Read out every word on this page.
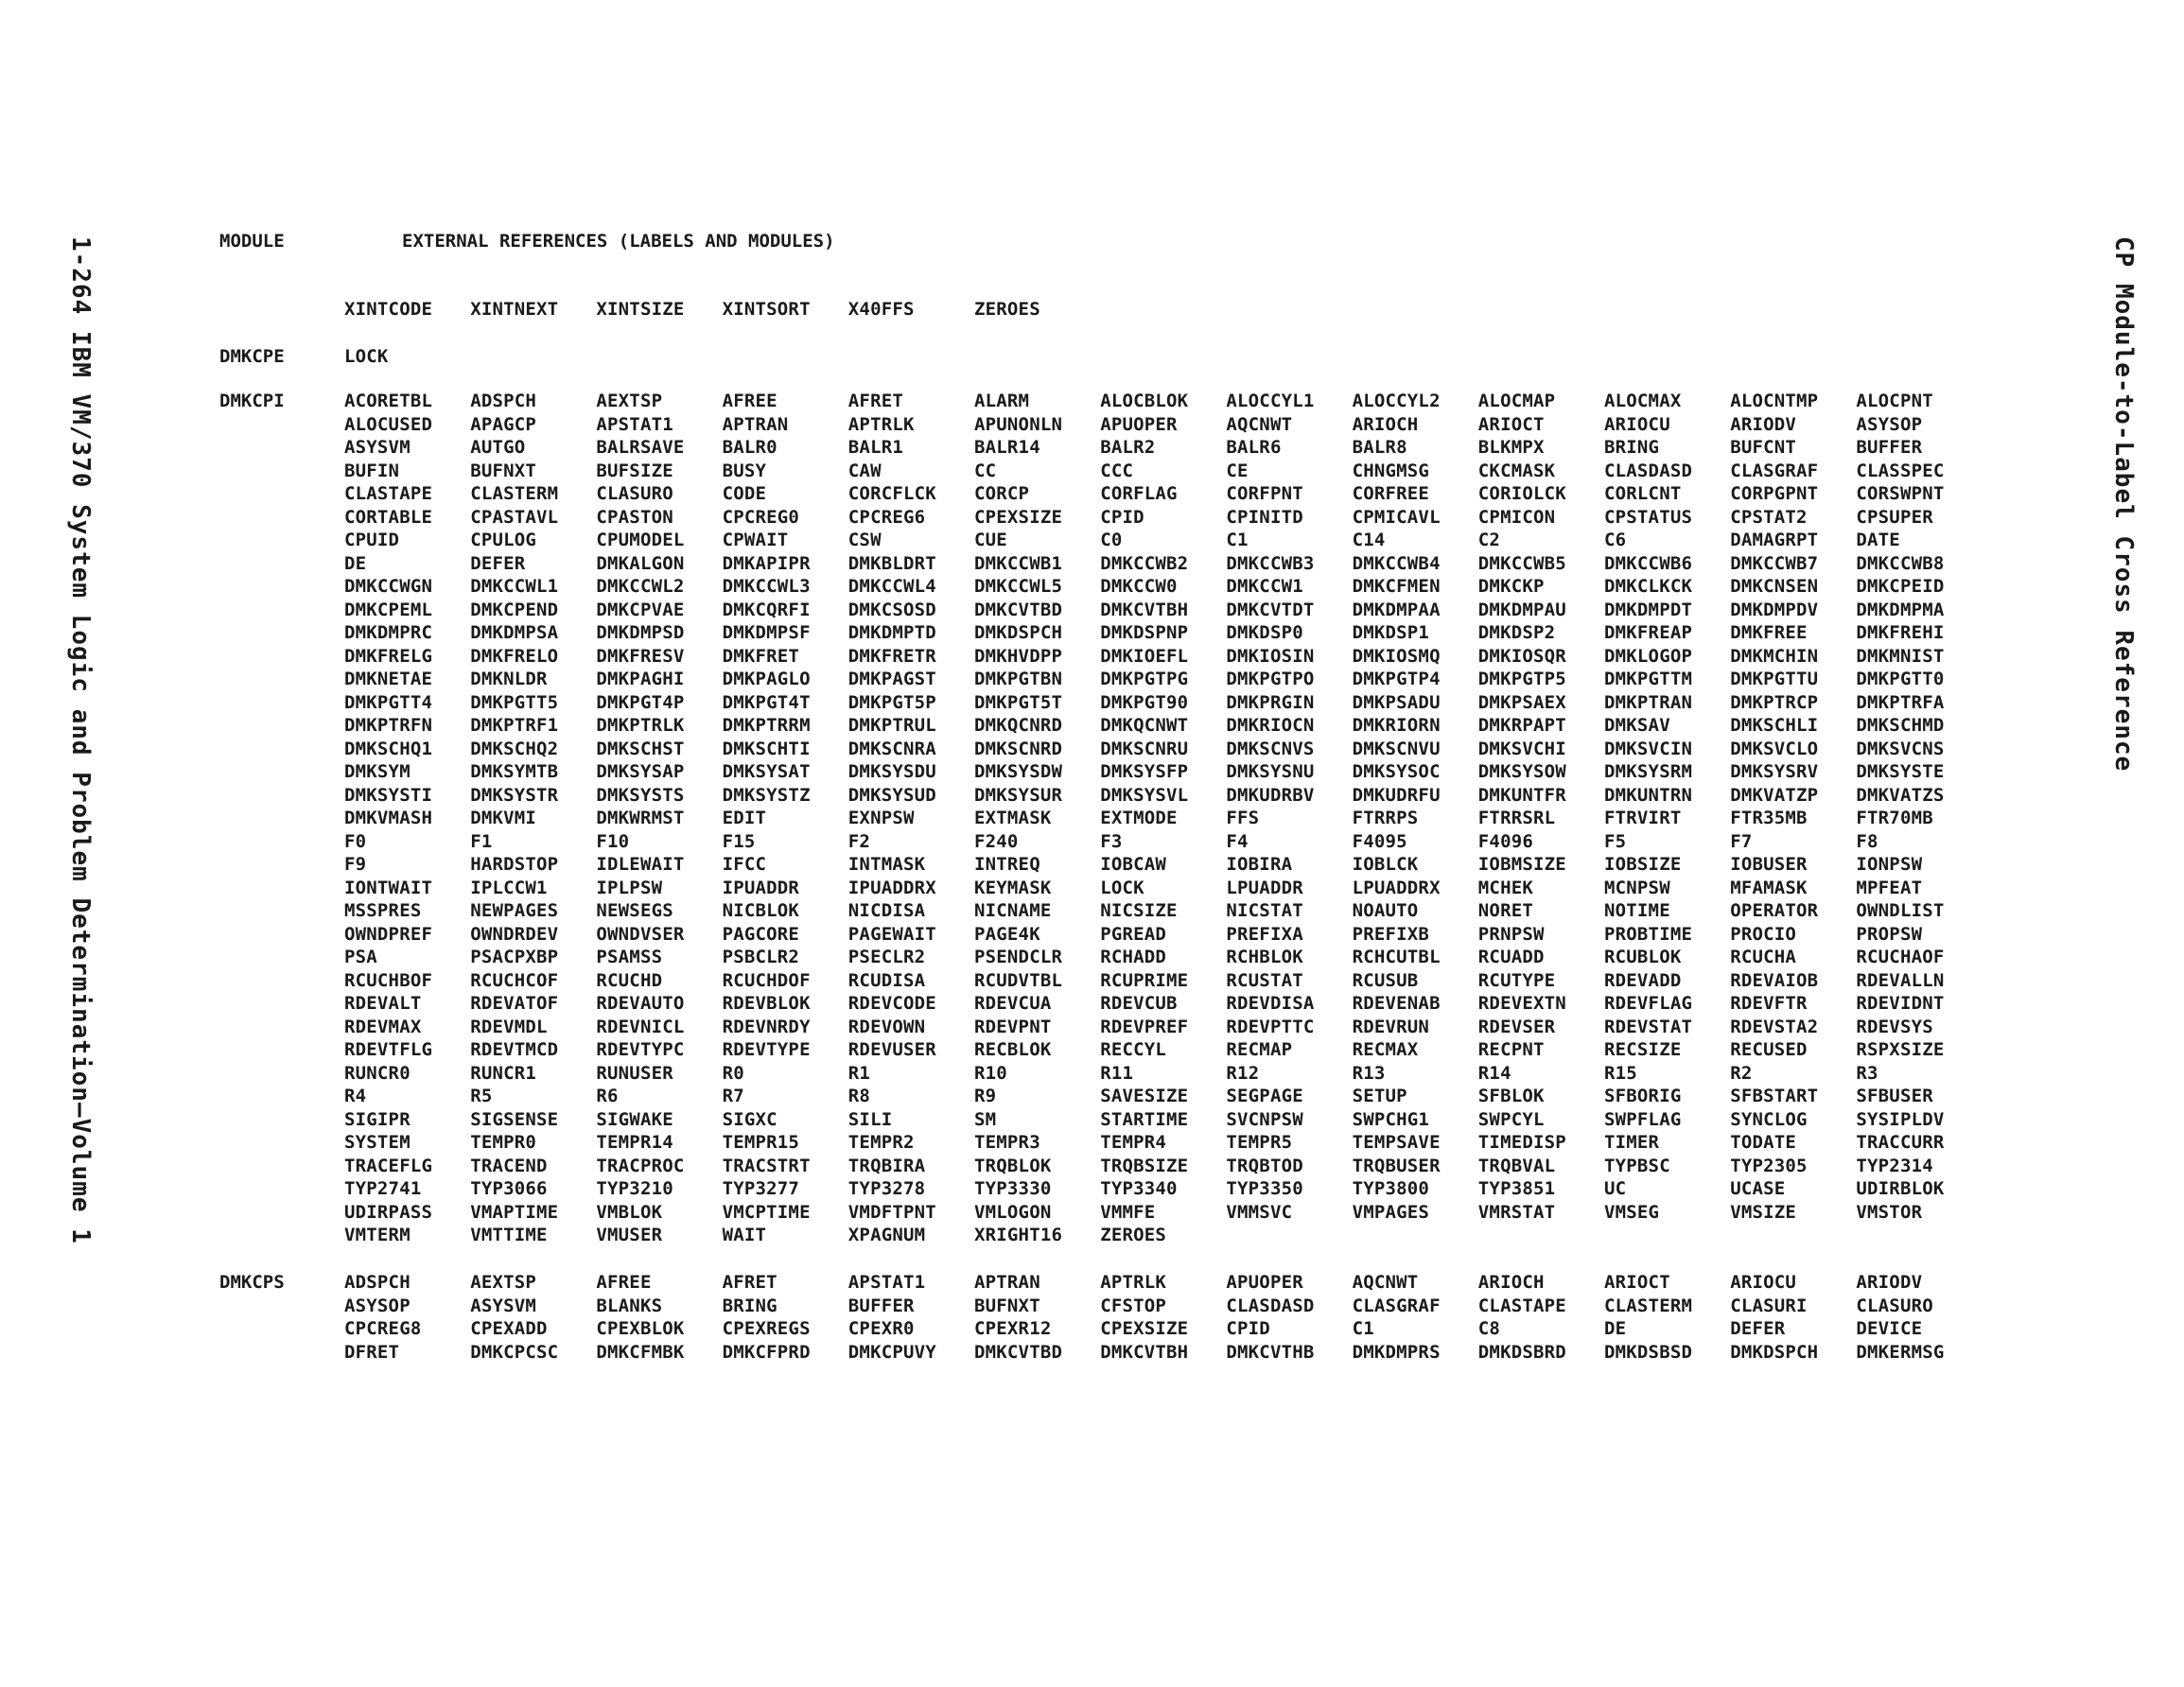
1-264 IBM VM/370 System Logic and Problem Determination—Volume 1	CP Module-to-Label Cross Reference
MODULE	EXTERNAL REFERENCES (LABELS AND MODULES)
XINTCODE XINTNEXT XINTSIZE XINTSORT X40FFS	ZEROES
DMKCPE	LOCK
DMKCPI	ACORETBL ADSPCH	AEXTSP	AFREE	AFRET	ALARM	ALOCBLOK ALOCCYL1 ALOCCYL2 ALOCMAP	ALOCMAX	ALOCNTMP ALOCPNT
ALOCUSED APAGCP	APSTAT1	APTRAN	APTRLK	APUNONLN APUOPER	AQCNWT	ARIOCH	ARIOCT	ARIOCU	ARIODV	ASYSOP
ASYSVM	AUTGO	BALRSAVE BALR0	BALR1	BALR14	BALR2	BALR6	BALR8	BLKMPX	BRING	BUFCNT	BUFFER
BUFIN	BUFNXT	BUFSIZE	BUSY	CAW	CC	CCC	CE	CHNGMSG	CKCMASK	CLASDASD CLASGRAF CLASSPEC
CLASTAPE CLASTERM CLASURO	CODE	CORCFLCK CORCP	CORFLAG	CORFPNT	CORFREE	CORIOLCK CORLCNT	CORPGPNT CORSWPNT
CORTABLE CPASTAVL CPASTON	CPCREG0	CPCREG6	CPEXSIZE CPID	CPINITD	CPMICAVL CPMICON	CPSTATUS CPSTAT2	CPSUPER
CPUID	CPULOG	CPUMODEL CPWAIT	CSW	CUE	C0	C1	C14	C2	C6	DAMAGRPT DATE
DE	DEFER	DMKALGON DMKAPIPR DMKBLDRT DMKCCWB1 DMKCCWB2 DMKCCWB3 DMKCCWB4 DMKCCWB5 DMKCCWB6 DMKCCWB7 DMKCCWB8
DMKCCWGN DMKCCWL1 DMKCCWL2 DMKCCWL3 DMKCCWL4 DMKCCWL5 DMKCCW0	DMKCCW1	DMKCFMEN DMKCKP	DMKCLKCK DMKCNSEN DMKCPEID
DMKCPEML DMKCPEND DMKCPVAE DMKCQRFI DMKCSOSD DMKCVTBD DMKCVTBH DMKCVTDT DMKDMPAA DMKDMPAU DMKDMPDT DMKDMPDV DMKDMPMA
DMKDMPRC DMKDMPSA DMKDMPSD DMKDMPSF DMKDMPTD DMKDSPCH DMKDSPNP DMKDSP0	DMKDSP1	DMKDSP2	DMKFREAP DMKFREE	DMKFREHI
DMKFRELG DMKFRELO DMKFRESV DMKFRET	DMKFRETR DMKHVDPP DMKIOEFL DMKIOSIN DMKIOSMQ DMKIOSQR DMKLOGOP DMKMCHIN DMKMNIST
DMKNETAE DMKNLDR	DMKPAGHI DMKPAGLO DMKPAGST DMKPGTBN DMKPGTPG DMKPGTPO DMKPGTP4 DMKPGTP5 DMKPGTTM DMKPGTTU DMKPGTT0
DMKPGTT4 DMKPGTT5 DMKPGT4P DMKPGT4T DMKPGT5P DMKPGT5T DMKPGT90 DMKPRGIN DMKPSADU DMKPSAEX DMKPTRAN DMKPTRCP DMKPTRFA
DMKPTRFN DMKPTRF1 DMKPTRLK DMKPTRRM DMKPTRUL DMKQCNRD DMKQCNWT DMKRIOCN DMKRIORN DMKRPAPT DMKSAV	DMKSCHLI DMKSCHMD
DMKSCHQ1 DMKSCHQ2 DMKSCHST DMKSCHTI DMKSCNRA DMKSCNRD DMKSCNRU DMKSCNVS DMKSCNVU DMKSVCHI DMKSVCIN DMKSVCLO DMKSVCNS
DMKSYM	DMKSYMTB DMKSYSAP DMKSYSAT DMKSYSDU DMKSYSDW DMKSYSFP DMKSYSNU DMKSYSOC DMKSYSOW DMKSYSRM DMKSYSRV DMKSYSTE
DMKSYSTI DMKSYSTR DMKSYSTS DMKSYSTZ DMKSYSUD DMKSYSUR DMKSYSVL DMKUDRBV DMKUDRFU DMKUNTFR DMKUNTRN DMKVATZP DMKVATZS
DMKVMASH DMKVMI	DMKWRMST EDIT	EXNPSW	EXTMASK	EXTMODE	FFS	FTRRPS	FTRRSRL	FTRVIRT	FTR35MB	FTR70MB
F0	F1	F10	F15	F2	F240	F3	F4	F4095	F4096	F5	F7	F8
F9	HARDSTOP IDLEWAIT IFCC	INTMASK	INTREQ	IOBCAW	IOBIRA	IOBLCK	IOBMSIZE IOBSIZE	IOBUSER	IONPSW
IONTWAIT IPLCCW1	IPLPSW	IPUADDR	IPUADDRX KEYMASK	LOCK	LPUADDR	LPUADDRX MCHEK	MCNPSW	MFAMASK	MPFEAT
MSSPRES	NEWPAGES NEWSEGS	NICBLOK	NICDISA	NICNAME	NICSIZE	NICSTAT	NOAUTO	NORET	NOTIME	OPERATOR OWNDLIST
OWNDPREF OWNDRDEV OWNDVSER PAGCORE	PAGEWAIT PAGE4K	PGREAD	PREFIXA	PREFIXB	PRNPSW	PROBTIME PROCIO	PROPSW
PSA	PSACPXBP PSAMSS	PSBCLR2	PSECLR2	PSENDCLR RCHADD	RCHBLOK	RCHCUTBL RCUADD	RCUBLOK	RCUCHA	RCUCHAOF
RCUCHBOF RCUCHCOF RCUCHD	RCUCHDOF RCUDISA	RCUDVTBL RCUPRIME RCUSTAT	RCUSUB	RCUTYPE	RDEVADD	RDEVAIOB RDEVALLN
RDEVALT	RDEVATOF RDEVAUTO RDEVBLOK RDEVCODE RDEVCUA	RDEVCUB	RDEVDISA RDEVENAB RDEVEXTN RDEVFLAG RDEVFTR	RDEVIDNT
RDEVMAX	RDEVMDL	RDEVNICL RDEVNRDY RDEVOWN	RDEVPNT	RDEVPREF RDEVPTTC RDEVRUN	RDEVSER	RDEVSTAT RDEVSTA2 RDEVSYS
RDEVTFLG RDEVTMCD RDEVTYPC RDEVTYPE RDEVUSER RECBLOK	RECCYL	RECMAP	RECMAX	RECPNT	RECSIZE	RECUSED	RSPXSIZE
RUNCR0	RUNCR1	RUNUSER	R0	R1	R10	R11	R12	R13	R14	R15	R2	R3
R4	R5	R6	R7	R8	R9	SAVESIZE SEGPAGE	SETUP	SFBLOK	SFBORIG	SFBSTART SFBUSER
SIGIPR	SIGSENSE SIGWAKE	SIGXC	SILI	SM	STARTIME SVCNPSW	SWPCHG1	SWPCYL	SWPFLAG	SYNCLOG	SYSIPLDV
SYSTEM	TEMPR0	TEMPR14	TEMPR15	TEMPR2	TEMPR3	TEMPR4	TEMPR5	TEMPSAVE TIMEDISP TIMER	TODATE	TRACCURR
TRACEFLG TRACEND	TRACPROC TRACSTRT TRQBIRA	TRQBLOK	TRQBSIZE TRQBTOD	TRQBUSER TRQBVAL	TYPBSC	TYP2305	TYP2314
TYP2741	TYP3066	TYP3210	TYP3277	TYP3278	TYP3330	TYP3340	TYP3350	TYP3800	TYP3851	UC	UCASE	UDIRBLOK
UDIRPASS VMAPTIME VMBLOK	VMCPTIME VMDFTPNT VMLOGON	VMMFE	VMMSVC	VMPAGES	VMRSTAT	VMSEG	VMSIZE	VMSTOR
VMTERM	VMTTIME	VMUSER	WAIT	XPAGNUM	XRIGHT16 ZEROES
DMKCPS	ADSPCH	AEXTSP	AFREE	AFRET	APSTAT1	APTRAN	APTRLK	APUOPER	AQCNWT	ARIOCH	ARIOCT	ARIOCU	ARIODV
ASYSOP	ASYSVM	BLANKS	BRING	BUFFER	BUFNXT	CFSTOP	CLASDASD CLASGRAF CLASTAPE CLASTERM CLASURI	CLASURO
CPCREG8	CPEXADD	CPEXBLOK CPEXREGS CPEXR0	CPEXR12	CPEXSIZE CPID	C1	C8	DE	DEFER	DEVICE
DFRET	DMKCPCSC DMKCFMBK DMKCFPRD DMKCPUVY DMKCVTBD DMKCVTBH DMKCVTHB DMKDMPRS DMKDSBRD DMKDSBSD DMKDSPCH DMKERMSG
